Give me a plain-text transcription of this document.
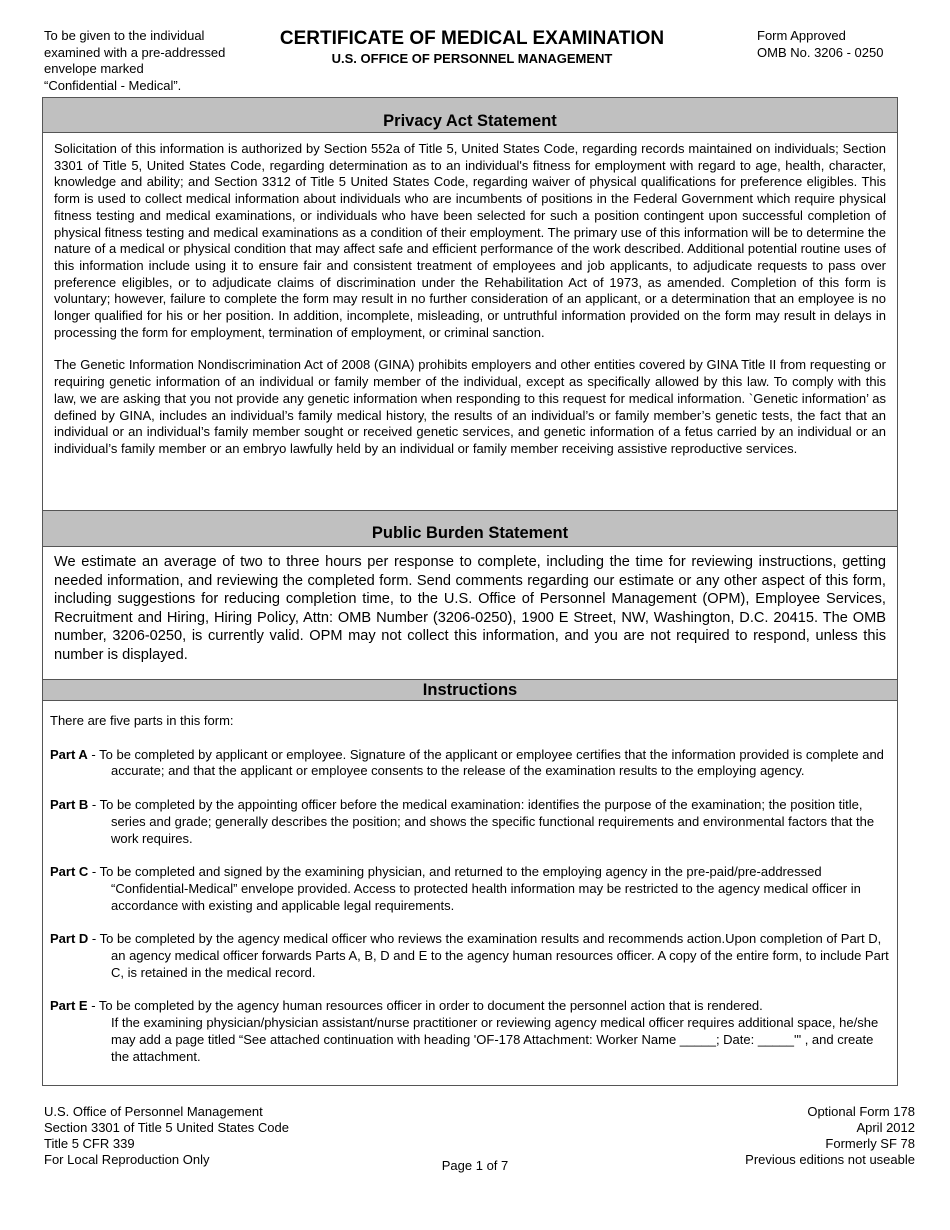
To be given to the individual
examined with a pre-addressed
envelope marked
“Confidential - Medical”.
CERTIFICATE OF MEDICAL EXAMINATION
U.S. OFFICE OF PERSONNEL MANAGEMENT
Form Approved
OMB No. 3206 - 0250
Privacy Act Statement

Solicitation of this information is authorized by Section 552a of Title 5, United States Code, regarding records maintained on individuals; Section 3301 of Title 5, United States Code, regarding determination as to an individual's fitness for employment with regard to age, health, character, knowledge and ability; and Section 3312 of Title 5 United States Code, regarding waiver of physical qualifications for preference eligibles. This form is used to collect medical information about individuals who are incumbents of positions in the Federal Government which require physical fitness testing and medical examinations, or individuals who have been selected for such a position contingent upon successful completion of physical fitness testing and medical examinations as a condition of their employment. The primary use of this information will be to determine the nature of a medical or physical condition that may affect safe and efficient performance of the work described. Additional potential routine uses of this information include using it to ensure fair and consistent treatment of employees and job applicants, to adjudicate requests to pass over preference eligibles, or to adjudicate claims of discrimination under the Rehabilitation Act of 1973, as amended. Completion of this form is voluntary; however, failure to complete the form may result in no further consideration of an applicant, or a determination that an employee is no longer qualified for his or her position. In addition, incomplete, misleading, or untruthful information provided on the form may result in delays in processing the form for employment, termination of employment, or criminal sanction.

The Genetic Information Nondiscrimination Act of 2008 (GINA) prohibits employers and other entities covered by GINA Title II from requesting or requiring genetic information of an individual or family member of the individual, except as specifically allowed by this law. To comply with this law, we are asking that you not provide any genetic information when responding to this request for medical information. `Genetic information’ as defined by GINA, includes an individual’s family medical history, the results of an individual’s or family member’s genetic tests, the fact that an individual or an individual’s family member sought or received genetic services, and genetic information of a fetus carried by an individual or an individual’s family member or an embryo lawfully held by an individual or family member receiving assistive reproductive services.

Public Burden Statement

We estimate an average of two to three hours per response to complete, including the time for reviewing instructions, getting needed information, and reviewing the completed form. Send comments regarding our estimate or any other aspect of this form, including suggestions for reducing completion time, to the U.S. Office of Personnel Management (OPM), Employee Services, Recruitment and Hiring, Hiring Policy, Attn: OMB Number (3206-0250), 1900 E Street, NW, Washington, D.C. 20415. The OMB number, 3206-0250, is currently valid. OPM may not collect this information, and you are not required to respond, unless this number is displayed.

Instructions
There are five parts in this form:
Part A - To be completed by applicant or employee. Signature of the applicant or employee certifies that the information provided is complete and accurate; and that the applicant or employee consents to the release of the examination results to the employing agency.
Part B - To be completed by the appointing officer before the medical examination: identifies the purpose of the examination; the position title, series and grade; generally describes the position; and shows the specific functional requirements and environmental factors that the work requires.
Part C - To be completed and signed by the examining physician, and returned to the employing agency in the pre-paid/pre-addressed “Confidential-Medical” envelope provided. Access to protected health information may be restricted to the agency medical officer in accordance with existing and applicable legal requirements.
Part D - To be completed by the agency medical officer who reviews the examination results and recommends action.Upon completion of Part D, an agency medical officer forwards Parts A, B, D and E to the agency human resources officer. A copy of the entire form, to include Part C, is retained in the medical record.
Part E - To be completed by the agency human resources officer in order to document the personnel action that is rendered.
If the examining physician/physician assistant/nurse practitioner or reviewing agency medical officer requires additional space, he/she may add a page titled “See attached continuation with heading 'OF-178 Attachment: Worker Name _____; Date: _____'" , and create the attachment.
U.S. Office of Personnel Management
Section 3301 of Title 5 United States Code
Title 5 CFR 339
For Local Reproduction Only	Page 1 of 7
Optional Form 178
April 2012
Formerly SF 78
Previous editions not useable
